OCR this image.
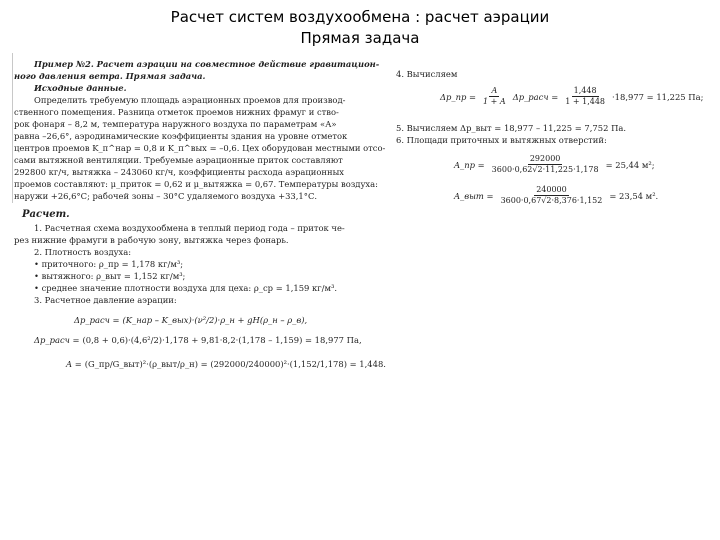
Расчет систем воздухообмена : расчет аэрации
Прямая задача
Пример №2. Расчет аэрации на совместное действие гравитацион-
ного давления ветра. Прямая задача.
Исходные данные.
Определить требуемую площадь аэрационных проемов для производ-
ственного помещения. Разница отметок проемов нижних фрамуг и ство-
рок фонаря – 8,2 м, температура наружного воздуха по параметрам «А»
равна –26,6°, аэродинамические коэффициенты здания на уровне отметок
центров проемов K_п^нар = 0,8 и K_п^вых = –0,6. Цех оборудован местными отсо-
сами вытяжной вентиляции. Требуемые аэрационные приток составляют
292800 кг/ч, вытяжка – 243060 кг/ч, коэффициенты расхода аэрационных
проемов составляют: μ_приток = 0,62 и μ_вытяжка = 0,67. Температуры воздуха:
наружи +26,6°С; рабочей зоны – 30°С удаляемого воздуха +33,1°С.
Расчет.
1. Расчетная схема воздухообмена в теплый период года – приток че-
рез нижние фрамуги в рабочую зону, вытяжка через фонарь.
2. Плотность воздуха:
• приточного: ρ_пр = 1,178 кг/м³;
• вытяжного: ρ_выт = 1,152 кг/м³;
• среднее значение плотности воздуха для цеха: ρ_ср = 1,159 кг/м³.
3. Расчетное давление аэрации:
Δp_расч = (K_нар – K_вых)·(ν²/2)·ρ_н + gH(ρ_н – ρ_в),
Δp_расч = (0,8 + 0,6)·(4,6²/2)·1,178 + 9,81·8,2·(1,178 – 1,159) = 18,977 Па,
A = (G_пр/G_выт)²·(ρ_выт/ρ_н) = (292000/240000)²·(1,152/1,178) = 1,448.
4. Вычисляем
Δp_пр = $\frac{A}{1 + A}$ Δp_расч = $\frac{1,448}{1 + 1,448} \cdot 18,977 = 11,225$ Па;
5. Вычисляем Δp_выт = 18,977 – 11,225 = 7,752 Па.
6. Площади приточных и вытяжных отверстий:
A_пр = $\frac{292000}{3600\cdot 0,62√2\cdot 11,225\cdot 1,178} = 25,44$ м²;
A_выт = $\frac{240000}{3600\cdot 0,67√2\cdot 8,376\cdot 1,152} = 23,54$ м².
